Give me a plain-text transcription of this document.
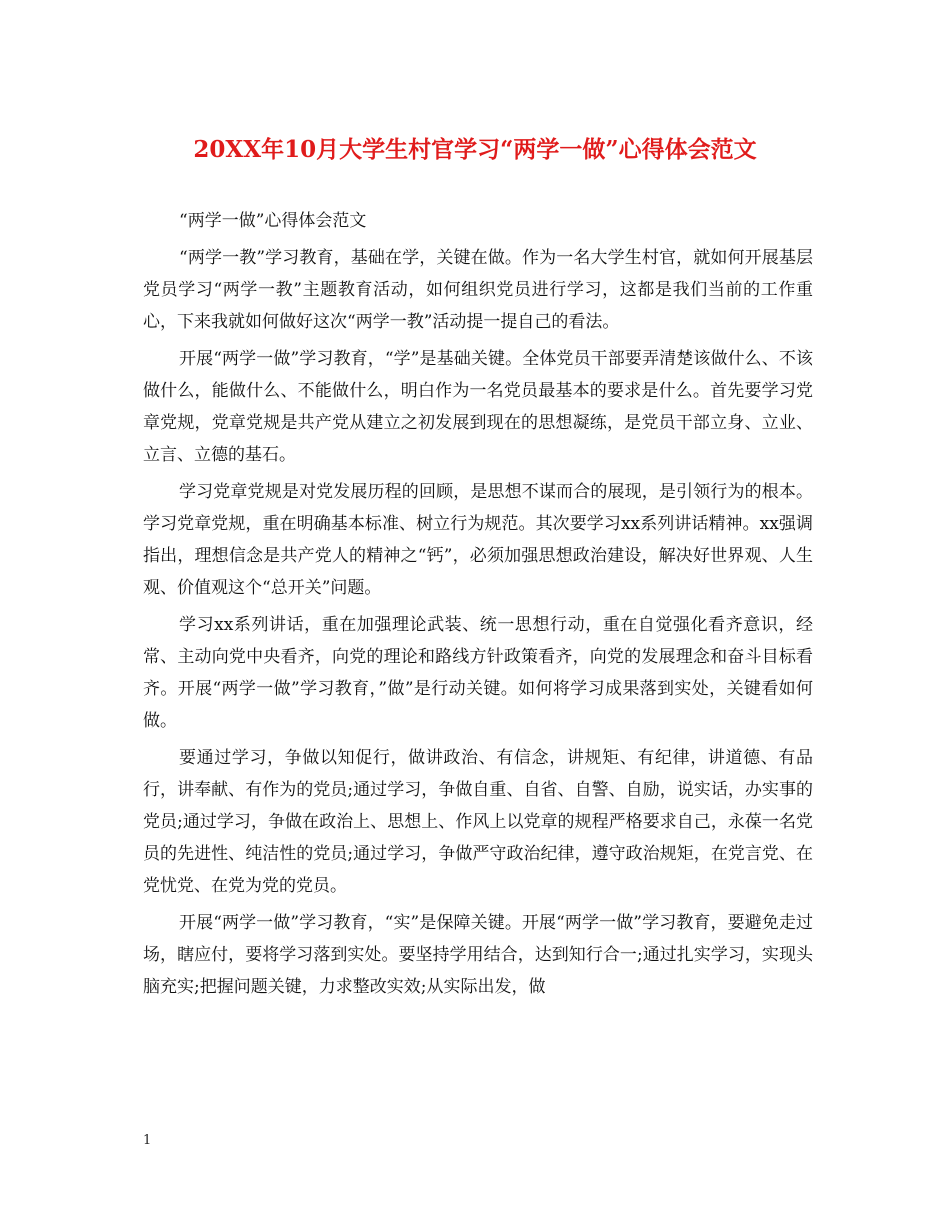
20XX年10月大学生村官学习“两学一做”心得体会范文

“两学一做”心得体会范文

“两学一教”学习教育，基础在学，关键在做。作为一名大学生村官，就如何开展基层党员学习“两学一教”主题教育活动，如何组织党员进行学习，这都是我们当前的工作重心，下来我就如何做好这次“两学一教”活动提一提自己的看法。

开展“两学一做”学习教育，“学”是基础关键。全体党员干部要弄清楚该做什么、不该做什么，能做什么、不能做什么，明白作为一名党员最基本的要求是什么。首先要学习党章党规，党章党规是共产党从建立之初发展到现在的思想凝练，是党员干部立身、立业、立言、立德的基石。

学习党章党规是对党发展历程的回顾，是思想不谋而合的展现，是引领行为的根本。学习党章党规，重在明确基本标准、树立行为规范。其次要学习xx系列讲话精神。xx强调指出，理想信念是共产党人的精神之“钙”，必须加强思想政治建设，解决好世界观、人生观、价值观这个“总开关”问题。

学习xx系列讲话，重在加强理论武装、统一思想行动，重在自觉强化看齐意识，经常、主动向党中央看齐，向党的理论和路线方针政策看齐，向党的发展理念和奋斗目标看齐。开展“两学一做”学习教育，”做”是行动关键。如何将学习成果落到实处，关键看如何做。

要通过学习，争做以知促行，做讲政治、有信念，讲规矩、有纪律，讲道德、有品行，讲奉献、有作为的党员;通过学习，争做自重、自省、自警、自励，说实话，办实事的党员;通过学习，争做在政治上、思想上、作风上以党章的规程严格要求自己，永葆一名党员的先进性、纯洁性的党员;通过学习，争做严守政治纪律，遵守政治规矩，在党言党、在党忧党、在党为党的党员。

开展“两学一做”学习教育，“实”是保障关键。开展“两学一做”学习教育，要避免走过场，瞎应付，要将学习落到实处。要坚持学用结合，达到知行合一;通过扎实学习，实现头脑充实;把握问题关键，力求整改实效;从实际出发，做

1
